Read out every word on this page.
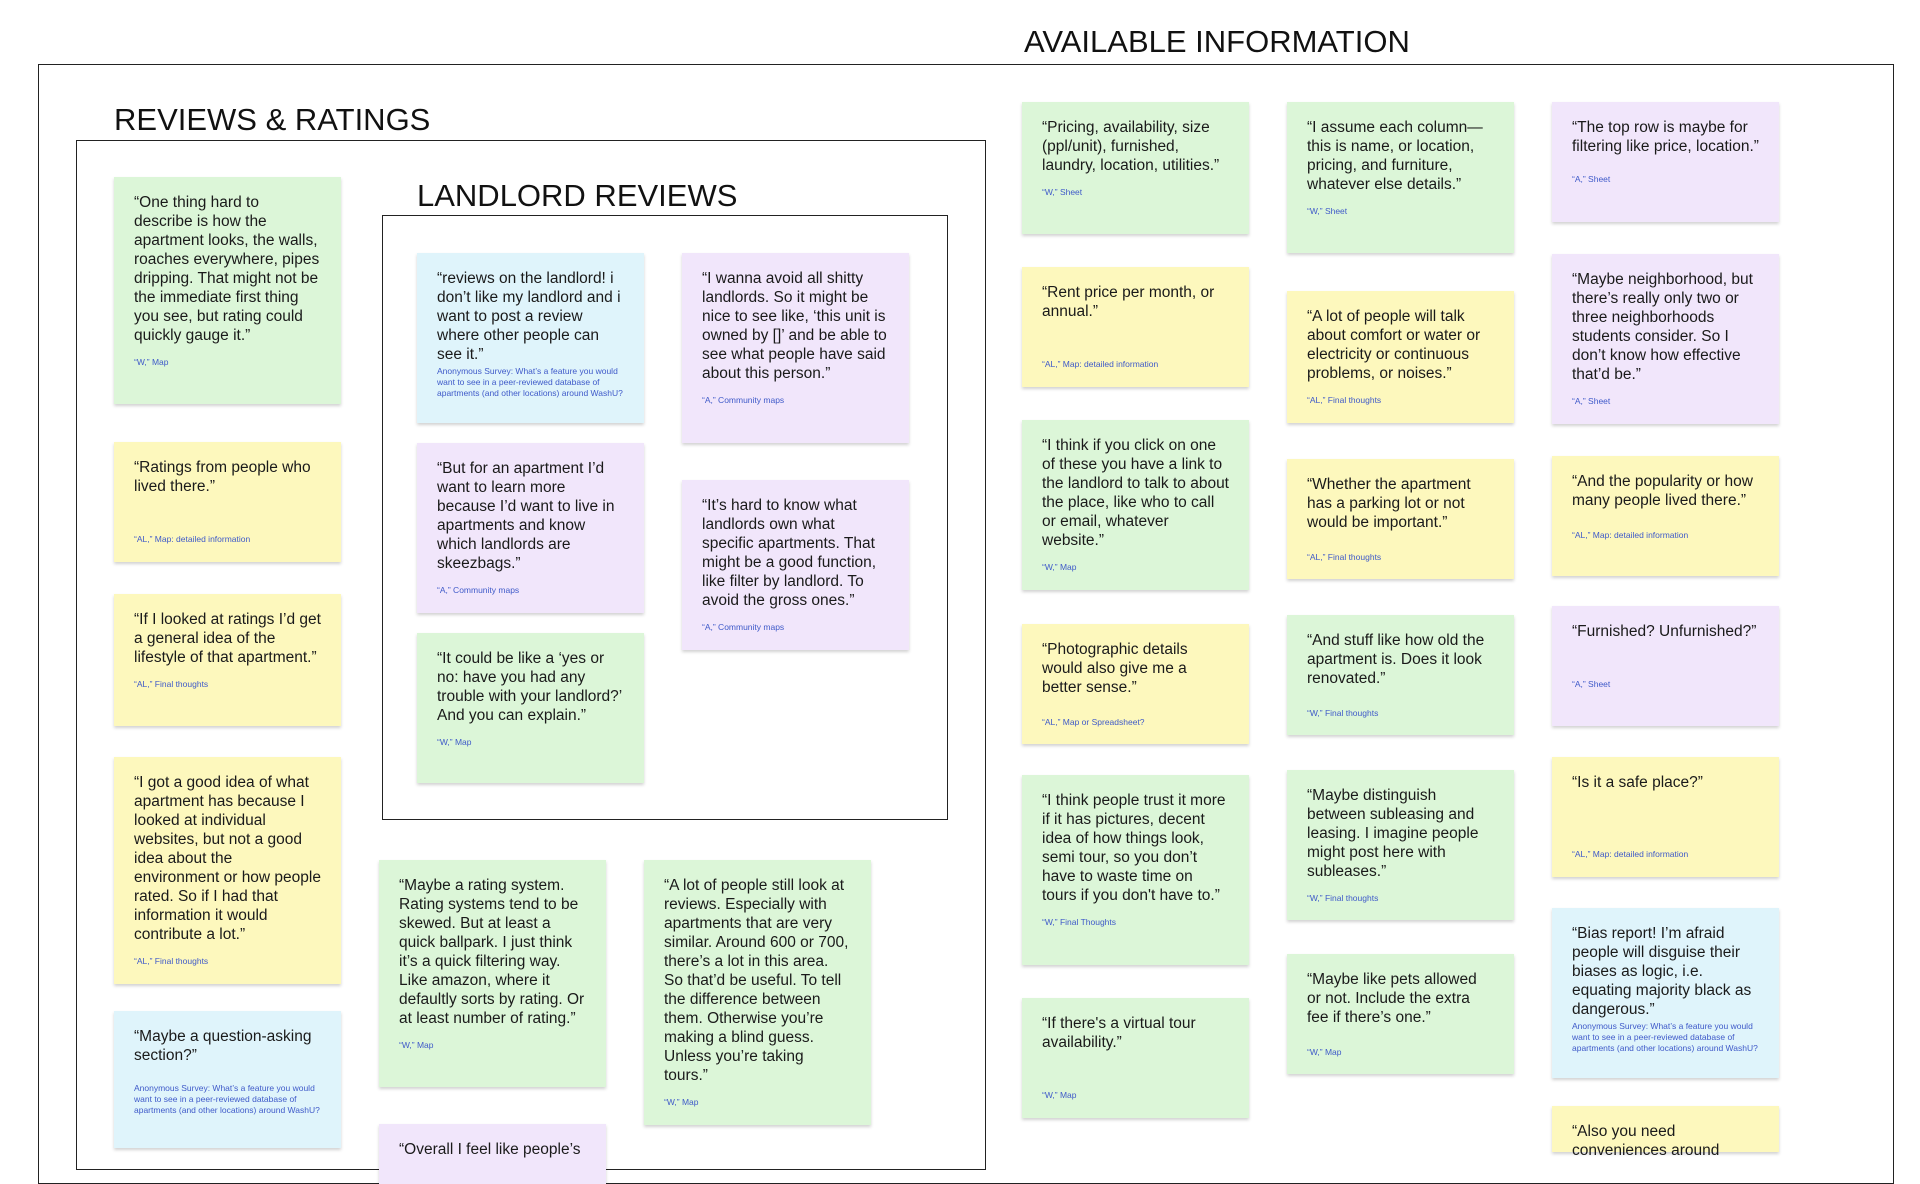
AVAILABLE INFORMATION
REVIEWS & RATINGS
LANDLORD REVIEWS
“One thing hard to describe is how the apartment looks, the walls, roaches everywhere, pipes dripping. That might not be the immediate first thing you see, but rating could quickly gauge it.”
“W,” Map
“Ratings from people who lived there.”
“AL,” Map: detailed information
“If I looked at ratings I’d get a general idea of the lifestyle of that apartment.”
“AL,” Final thoughts
“I got a good idea of what apartment has because I looked at individual websites, but not a good idea about the environment or how people rated. So if I had that information it would contribute a lot.”
“AL,” Final thoughts
“Maybe a question-asking section?”
Anonymous Survey: What’s a feature you would want to see in a peer-reviewed database of apartments (and other locations) around WashU?
“reviews on the landlord! i don’t like my landlord and i want to post a review where other people can see it.”
Anonymous Survey: What’s a feature you would want to see in a peer-reviewed database of apartments (and other locations) around WashU?
“But for an apartment I’d want to learn more because I’d want to live in apartments and know which landlords are skeezbags.”
“A,” Community maps
“It could be like a ‘yes or no: have you had any trouble with your landlord?’ And you can explain.”
“W,” Map
“I wanna avoid all shitty landlords. So it might be nice to see like, ‘this unit is owned by []’ and be able to see what people have said about this person.”
“A,” Community maps
“It’s hard to know what landlords own what specific apartments. That might be a good function, like filter by landlord. To avoid the gross ones.”
“A,” Community maps
“Maybe a rating system. Rating systems tend to be skewed. But at least a quick ballpark. I just think it’s a quick filtering way. Like amazon, where it defaultly sorts by rating. Or at least number of rating.”
“W,” Map
“A lot of people still look at reviews. Especially with apartments that are very similar. Around 600 or 700, there’s a lot in this area. So that’d be useful. To tell the difference between them. Otherwise you’re making a blind guess. Unless you’re taking tours.”
“W,” Map
“Overall I feel like people’s
“Pricing, availability, size (ppl/unit), furnished, laundry, location, utilities.”
“W,” Sheet
“Rent price per month, or annual.”
“AL,” Map: detailed information
“I think if you click on one of these you have a link to the landlord to talk to about the place, like who to call or email, whatever website.”
“W,” Map
“Photographic details would also give me a better sense.”
“AL,” Map or Spreadsheet?
“I think people trust it more if it has pictures, decent idea of how things look, semi tour, so you don’t have to waste time on tours if you don't have to.”
“W,” Final Thoughts
“If there's a virtual tour availability.”
“W,” Map
“I assume each column—this is name, or location, pricing, and furniture, whatever else details.”
“W,” Sheet
“A lot of people will talk about comfort or water or electricity or continuous problems, or noises.”
“AL,” Final thoughts
“Whether the apartment has a parking lot or not would be important.”
“AL,” Final thoughts
“And stuff like how old the apartment is. Does it look renovated.”
“W,” Final thoughts
“Maybe distinguish between subleasing and leasing. I imagine people might post here with subleases.”
“W,” Final thoughts
“Maybe like pets allowed or not. Include the extra fee if there’s one.”
“W,” Map
“The top row is maybe for filtering like price, location.”
“A,” Sheet
“Maybe neighborhood, but there’s really only two or three neighborhoods students consider. So I don’t know how effective that’d be.”
“A,” Sheet
“And the popularity or how many people lived there.”
“AL,” Map: detailed information
“Furnished? Unfurnished?”
“A,” Sheet
“Is it a safe place?”
“AL,” Map: detailed information
“Bias report! I’m afraid people will disguise their biases as logic, i.e. equating majority black as dangerous.”
Anonymous Survey: What’s a feature you would want to see in a peer-reviewed database of apartments (and other locations) around WashU?
“Also you need conveniences around
